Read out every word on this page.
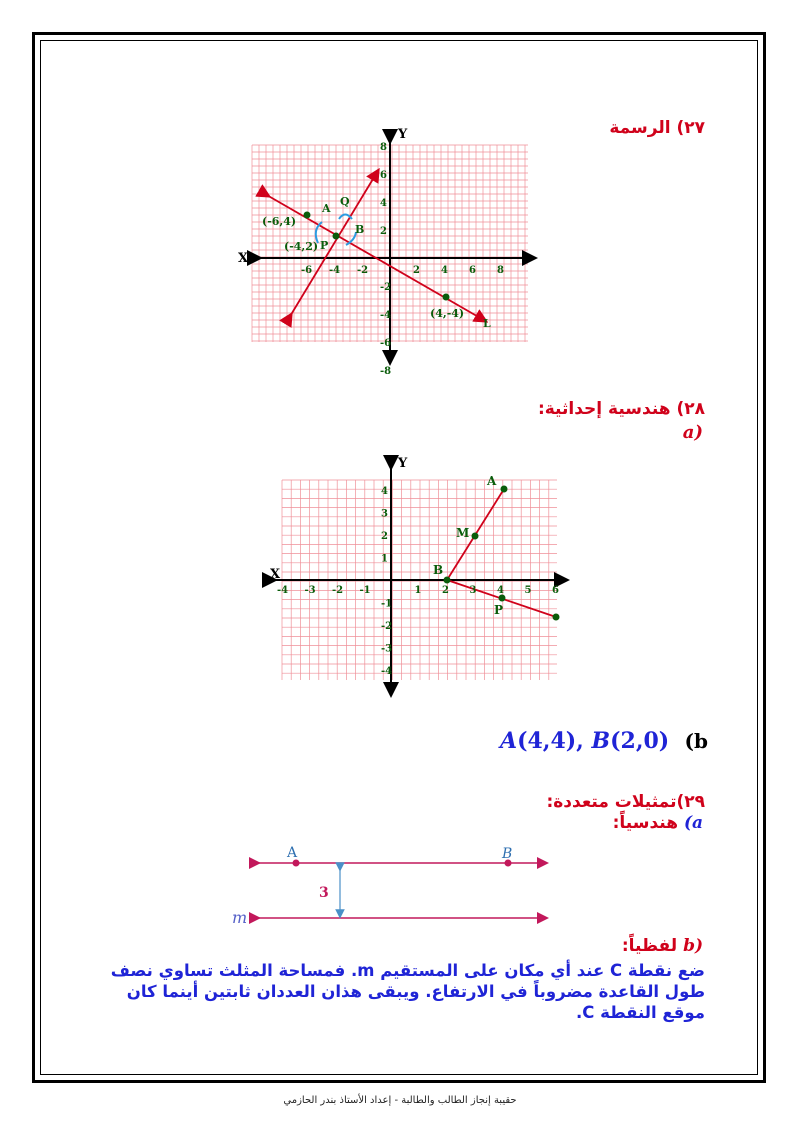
٢٧) الرسمة
Y
X
-6 -4 -2	2 4 6 8
8
6
4
2
-2
-4
-6
-8
A
Q
B
P
L
(-6,4)
(-4,2)
(4,-4)
٢٨) هندسية إحداثية:
(a
Y
X
-4 -3 -2 -1	1 2 3 4 5 6
4
3
2
1
-1
-2
-3
-4
A
M
B
P
A(4,4), B(2,0) (b
٢٩)تمثيلات متعددة:
a) هندسياً:
A	B
3
m
(b لفظياً:
ضع نقطة C عند أي مكان على المستقيم m. فمساحة المثلث تساوي نصف طول القاعدة مضروباً في الارتفاع. ويبقى هذان العددان ثابتين أينما كان موقع النقطة C.
حقيبة إنجاز الطالب والطالبة - إعداد الأستاذ بندر الحازمي
